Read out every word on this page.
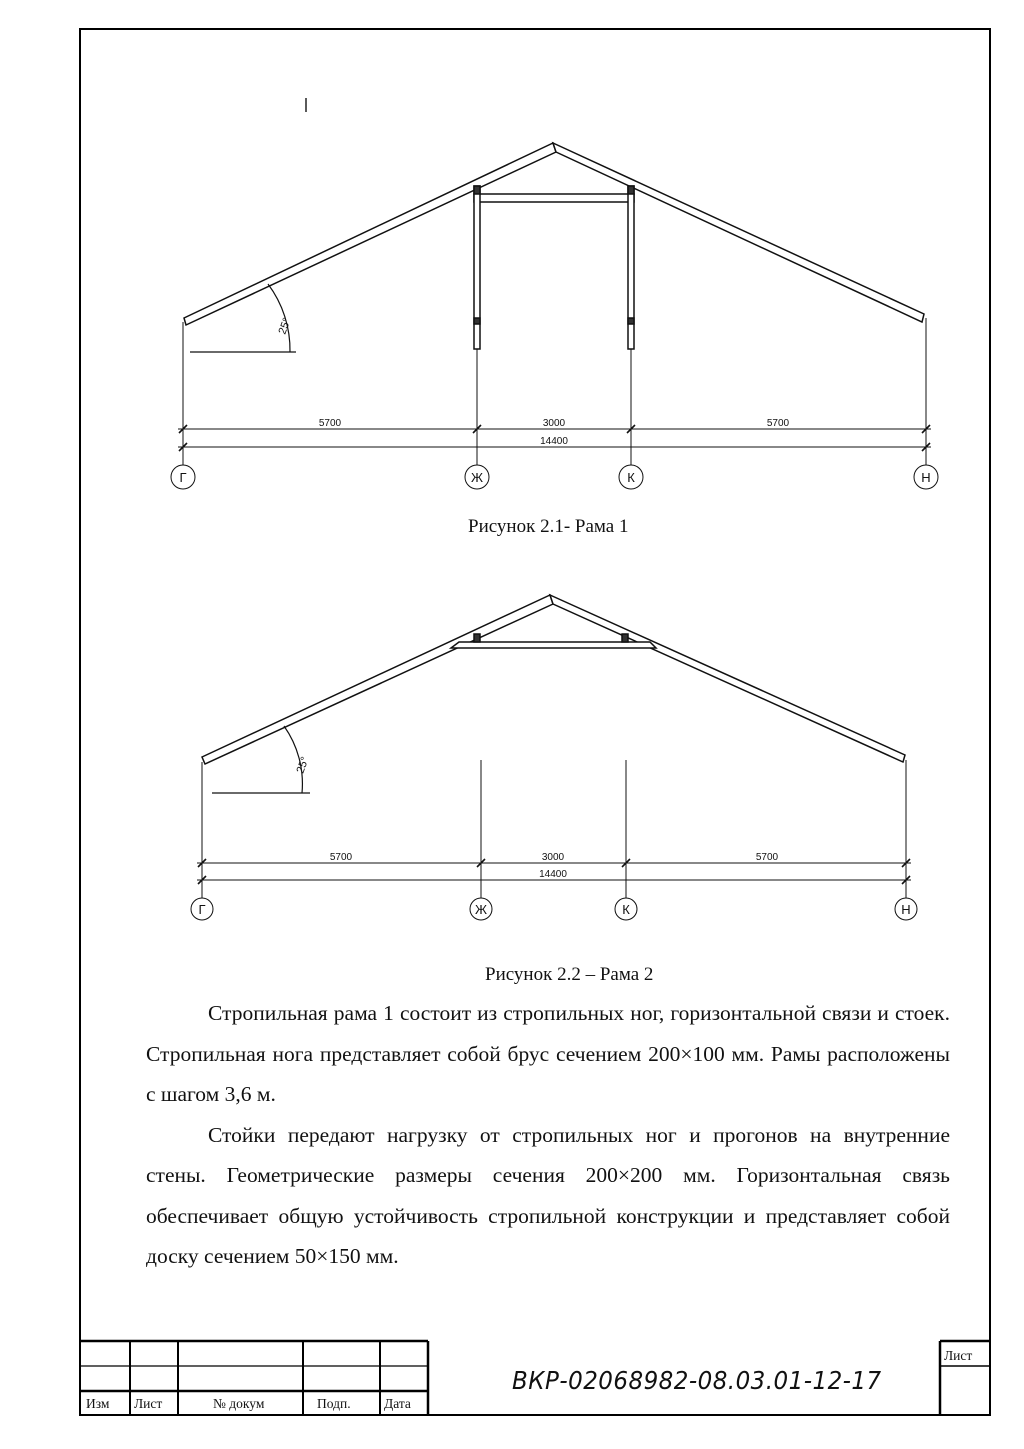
25°
5700	3000	5700
14400
Г	Ж	К	Н
25°
5700	3000	5700
14400
Г	Ж	К	Н
Рисунок 2.1- Рама 1
Рисунок 2.2 – Рама 2

Стропильная рама 1 состоит из стропильных ног, горизонтальной связи и стоек. Стропильная нога представляет собой брус сечением 200×100 мм. Рамы расположены с шагом 3,6 м.

Стойки передают нагрузку от стропильных ног и прогонов на внутренние стены. Геометрические размеры сечения 200×200 мм. Горизонтальная связь обеспечивает общую устойчивость стропильной конструкции и представляет собой доску сечением 50×150 мм.

Изм Лист	№ докум	Подп. Дата
Лист
ВКР-02068982-08.03.01-12-17
